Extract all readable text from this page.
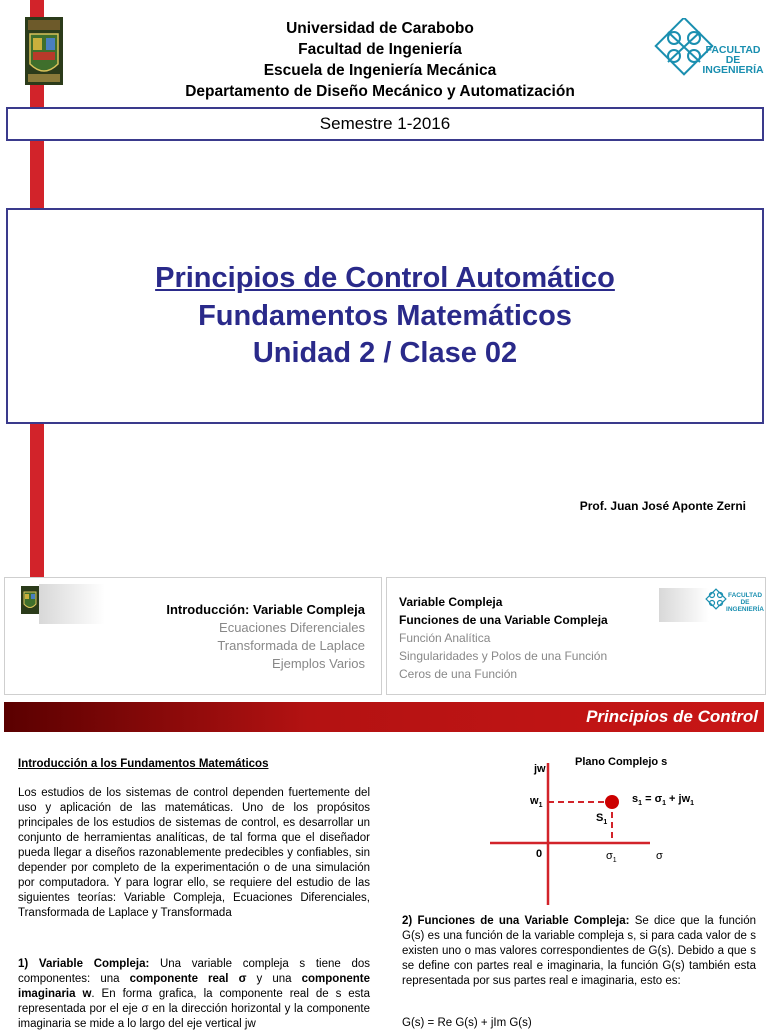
Universidad de Carabobo
Facultad de Ingeniería
Escuela de Ingeniería Mecánica
Departamento de Diseño Mecánico y Automatización
FACULTAD
DE
INGENIERÍA
Semestre 1-2016
Principios de Control Automático
Fundamentos Matemáticos
Unidad 2 / Clase 02
Prof. Juan José Aponte Zerni
Introducción: Variable Compleja
Ecuaciones Diferenciales
Transformada de Laplace
Ejemplos Varios
Variable Compleja
Funciones de una Variable Compleja
Función Analítica
Singularidades y Polos de una Función
Ceros de una Función
FACULTAD
DE
INGENIERÍA
Principios de Control
Introducción a los Fundamentos Matemáticos
Los estudios de los sistemas de control dependen fuertemente del uso y aplicación de las matemáticas. Uno de los propósitos principales de los estudios de sistemas de control, es desarrollar un conjunto de herramientas analíticas, de tal forma que el diseñador pueda llegar a diseños razonablemente predecibles y confiables, sin depender por completo de la experimentación o de una simulación por computadora. Y para lograr ello, se requiere del estudio de las siguientes teorías: Variable Compleja, Ecuaciones Diferenciales, Transformada de Laplace y Transformada
1) Variable Compleja: Una variable compleja s tiene dos componentes: una componente real σ y una componente imaginaria w. En forma grafica, la componente real de s esta representada por el eje σ en la dirección horizontal y la componente imaginaria se mide a lo largo del eje vertical jw
jw
Plano Complejo s
$w_1$
$S_1$
$s_1 = \sigma_1 + jw_1$
0	$\sigma_1$	σ
2) Funciones de una Variable Compleja: Se dice que la función G(s) es una función de la variable compleja s, si para cada valor de s existen uno o mas valores correspondientes de G(s). Debido a que s se define con partes real e imaginaria, la función G(s) también esta representada por sus partes real e imaginaria, esto es:
G(s) = Re G(s) + jIm G(s)
